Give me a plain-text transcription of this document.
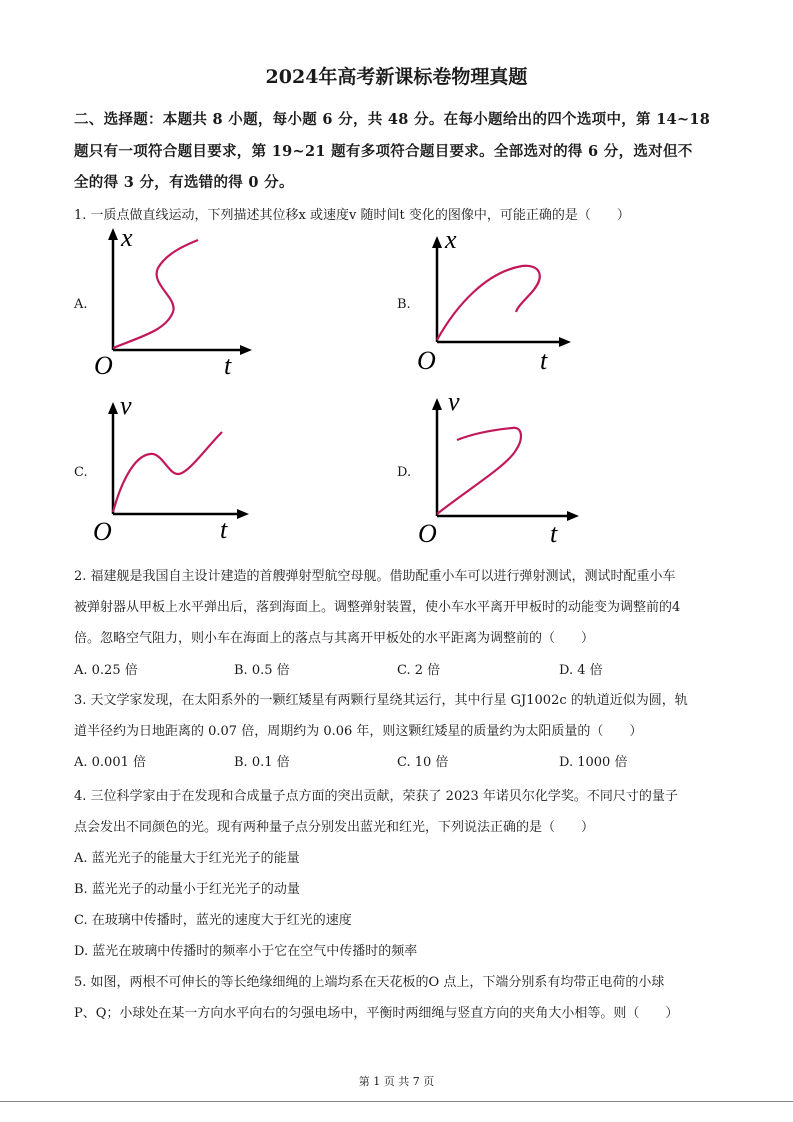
2024年高考新课标卷物理真题
二、选择题：本题共 8 小题，每小题 6 分，共 48 分。在每小题给出的四个选项中，第 14~18
题只有一项符合题目要求，第 19~21 题有多项符合题目要求。全部选对的得 6 分，选对但不
全的得 3 分，有选错的得 0 分。
1. 一质点做直线运动，下列描述其位移x 或速度v 随时间t 变化的图像中，可能正确的是（　　）
A.
x
O	t
B.
x
O	t
C.
v
O	t
D.
v
O	t
2. 福建舰是我国自主设计建造的首艘弹射型航空母舰。借助配重小车可以进行弹射测试，测试时配重小车
被弹射器从甲板上水平弹出后，落到海面上。调整弹射装置，使小车水平离开甲板时的动能变为调整前的4
倍。忽略空气阻力，则小车在海面上的落点与其离开甲板处的水平距离为调整前的（　　）
A. 0.25 倍	B. 0.5 倍	C. 2 倍	D. 4 倍
3. 天文学家发现，在太阳系外的一颗红矮星有两颗行星绕其运行，其中行星 GJ1002c 的轨道近似为圆，轨
道半径约为日地距离的 0.07 倍，周期约为 0.06 年，则这颗红矮星的质量约为太阳质量的（　　）
A. 0.001 倍	B. 0.1 倍	C. 10 倍	D. 1000 倍
4. 三位科学家由于在发现和合成量子点方面的突出贡献，荣获了 2023 年诺贝尔化学奖。不同尺寸的量子
点会发出不同颜色的光。现有两种量子点分别发出蓝光和红光，下列说法正确的是（　　）
A. 蓝光光子的能量大于红光光子的能量
B. 蓝光光子的动量小于红光光子的动量
C. 在玻璃中传播时，蓝光的速度大于红光的速度
D. 蓝光在玻璃中传播时的频率小于它在空气中传播时的频率
5. 如图，两根不可伸长的等长绝缘细绳的上端均系在天花板的O 点上，下端分别系有均带正电荷的小球
P、Q；小球处在某一方向水平向右的匀强电场中，平衡时两细绳与竖直方向的夹角大小相等。则（　　）
第 1 页 共 7 页
